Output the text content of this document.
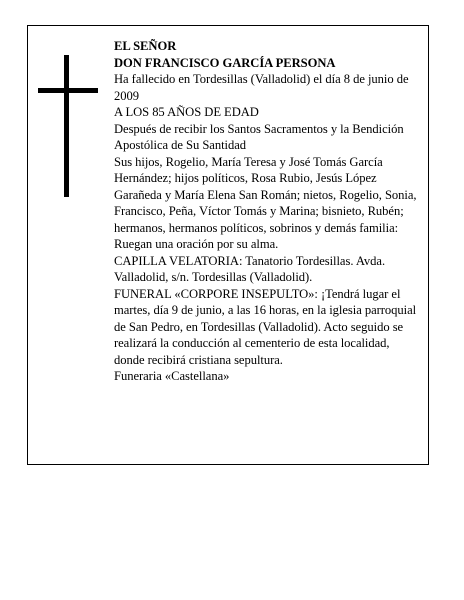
EL SEÑOR

DON FRANCISCO GARCÍA PERSONA

Ha fallecido en Tordesillas (Valladolid) el día 8 de junio de 2009

A LOS 85 AÑOS DE EDAD

Después de recibir los Santos Sacramentos y la Bendición Apostólica de Su Santidad

Sus hijos, Rogelio, María Teresa y José Tomás García Hernández; hijos políticos, Rosa Rubio, Jesús López Garañeda y María Elena San Román; nietos, Rogelio, Sonia, Francisco, Peña, Víctor Tomás y Marina; bisnieto, Rubén; hermanos, hermanos políticos, sobrinos y demás familia:

Ruegan una oración por su alma.

CAPILLA VELATORIA: Tanatorio Tordesillas. Avda. Valladolid, s/n. Tordesillas (Valladolid).

FUNERAL «CORPORE INSEPULTO»: ¡Tendrá lugar el martes, día 9 de junio, a las 16 horas, en la iglesia parroquial de San Pedro, en Tordesillas (Valladolid). Acto seguido se realizará la conducción al cementerio de esta localidad, donde recibirá cristiana sepultura.

Funeraria «Castellana»
